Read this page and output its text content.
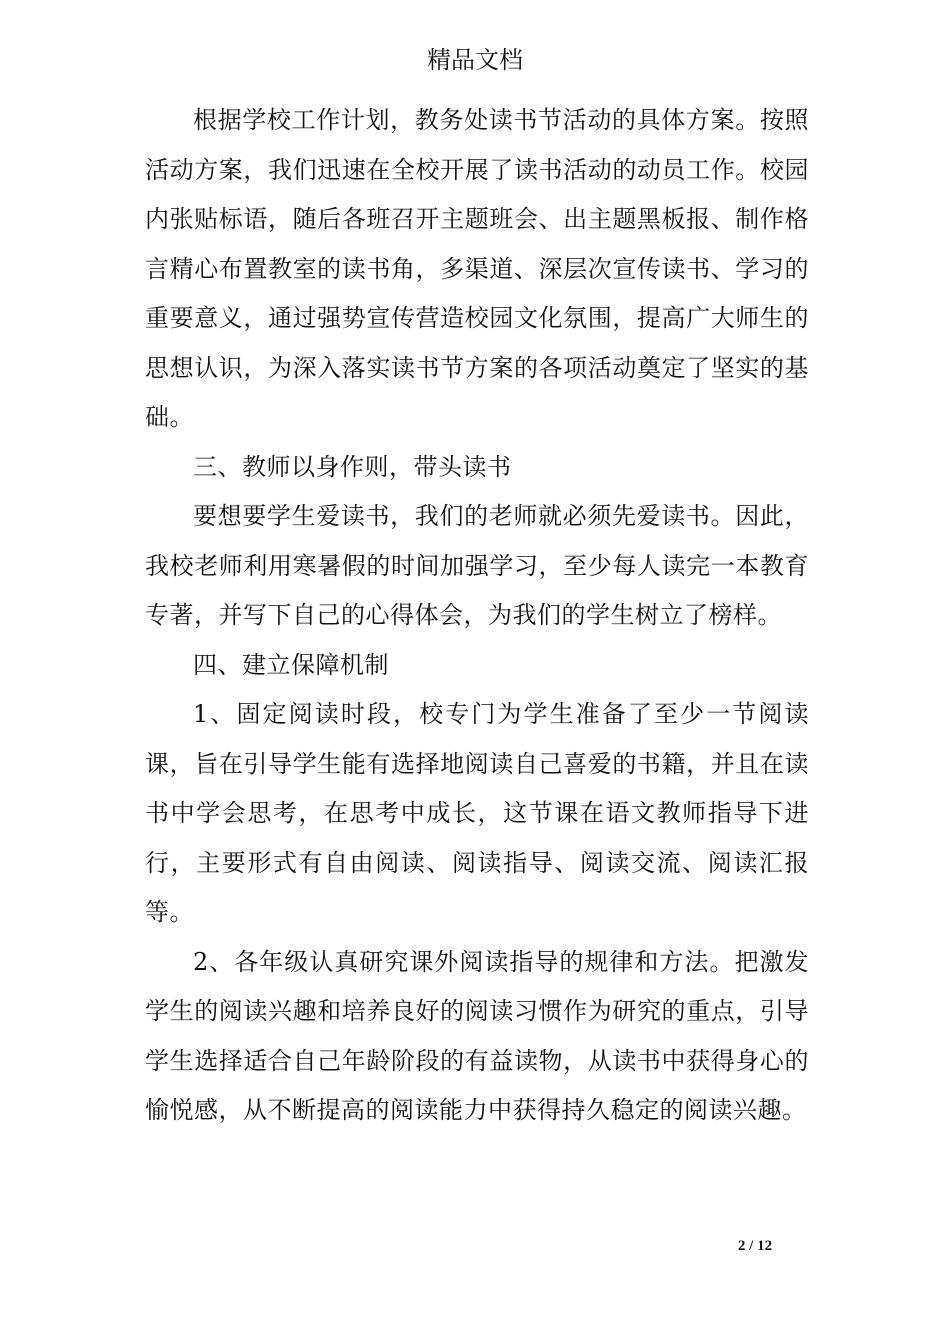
精品文档

根据学校工作计划，教务处读书节活动的具体方案。按照活动方案，我们迅速在全校开展了读书活动的动员工作。校园内张贴标语，随后各班召开主题班会、出主题黑板报、制作格言精心布置教室的读书角，多渠道、深层次宣传读书、学习的重要意义，通过强势宣传营造校园文化氛围，提高广大师生的思想认识，为深入落实读书节方案的各项活动奠定了坚实的基础。

三、教师以身作则，带头读书

要想要学生爱读书，我们的老师就必须先爱读书。因此，我校老师利用寒暑假的时间加强学习，至少每人读完一本教育专著，并写下自己的心得体会，为我们的学生树立了榜样。

四、建立保障机制

1、固定阅读时段，校专门为学生准备了至少一节阅读课，旨在引导学生能有选择地阅读自己喜爱的书籍，并且在读书中学会思考，在思考中成长，这节课在语文教师指导下进行，主要形式有自由阅读、阅读指导、阅读交流、阅读汇报等。

2、各年级认真研究课外阅读指导的规律和方法。把激发学生的阅读兴趣和培养良好的阅读习惯作为研究的重点，引导学生选择适合自己年龄阶段的有益读物，从读书中获得身心的愉悦感，从不断提高的阅读能力中获得持久稳定的阅读兴趣。

2 / 12
